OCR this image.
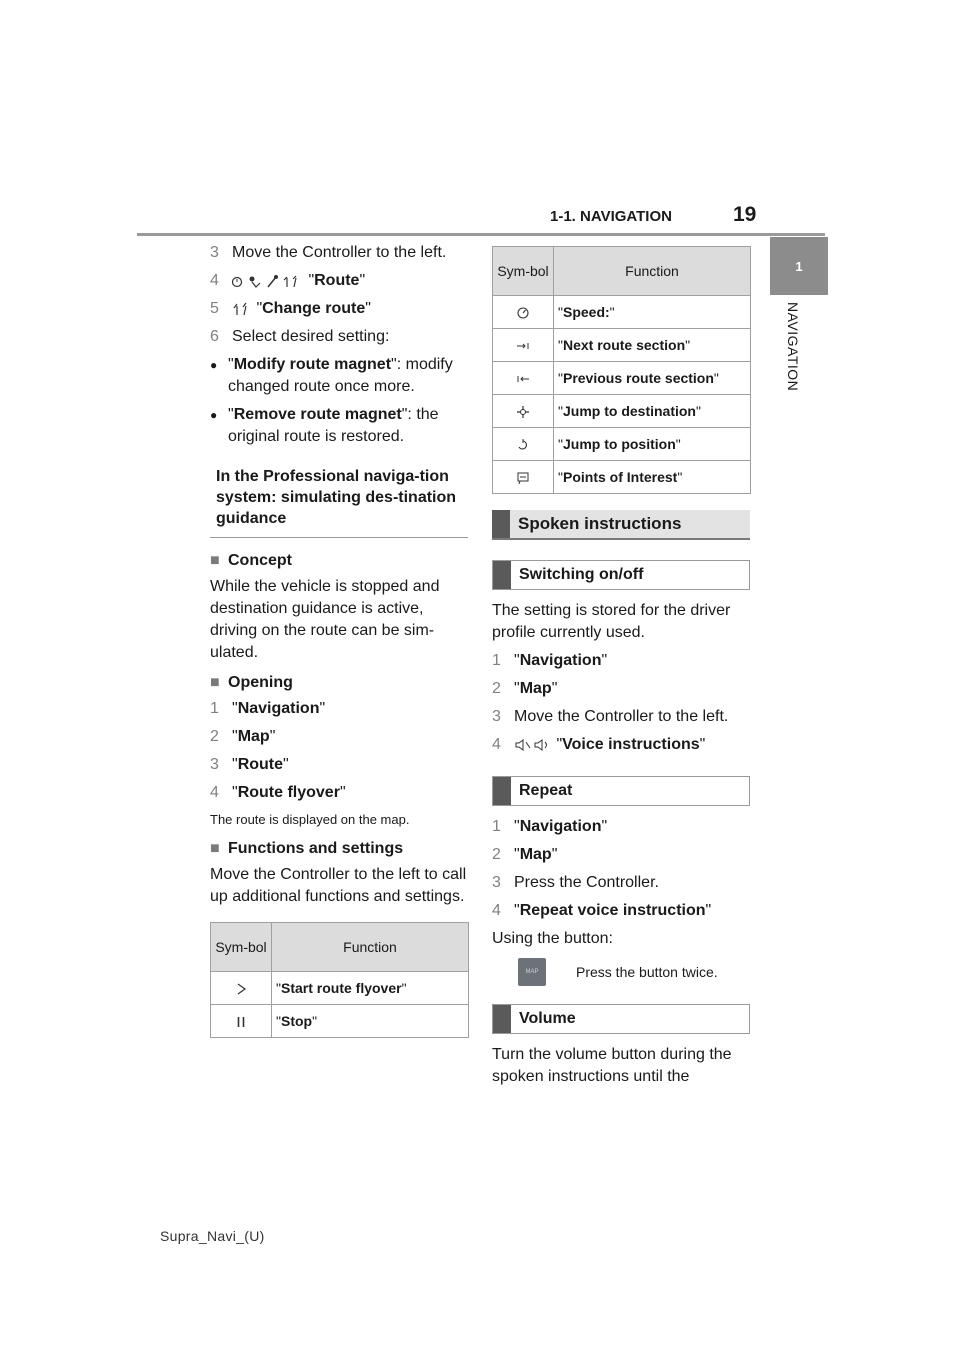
1-1. NAVIGATION	19
1
NAVIGATION
3 Move the Controller to the left.
4	"Route"
5	"Change route"
6 Select desired setting:
● "Modify route magnet": modify changed route once more.
● "Remove route magnet": the original route is restored.
In the Professional naviga-tion system: simulating des-tination guidance
■ Concept

While the vehicle is stopped and destination guidance is active, driving on the route can be sim-ulated.

■ Opening
1 "Navigation"
2 "Map"
3 "Route"
4 "Route flyover"

The route is displayed on the map.

■ Functions and settings

Move the Controller to the left to call up additional functions and settings.

Sym-bol	Function
	"Start route flyover"
	"Stop"
Sym-bol	Function
	"Speed:"
	"Next route section"
	"Previous route section"
	"Jump to destination"
	"Jump to position"
	"Points of Interest"
Spoken instructions
Switching on/off

The setting is stored for the driver profile currently used.

1 "Navigation"
2 "Map"
3 Move the Controller to the left.
4	"Voice instructions"
Repeat
1 "Navigation"
2 "Map"
3 Press the Controller.
4 "Repeat voice instruction"

Using the button:

MAP	Press the button twice.
Volume

Turn the volume button during the spoken instructions until the

Supra_Navi_(U)
